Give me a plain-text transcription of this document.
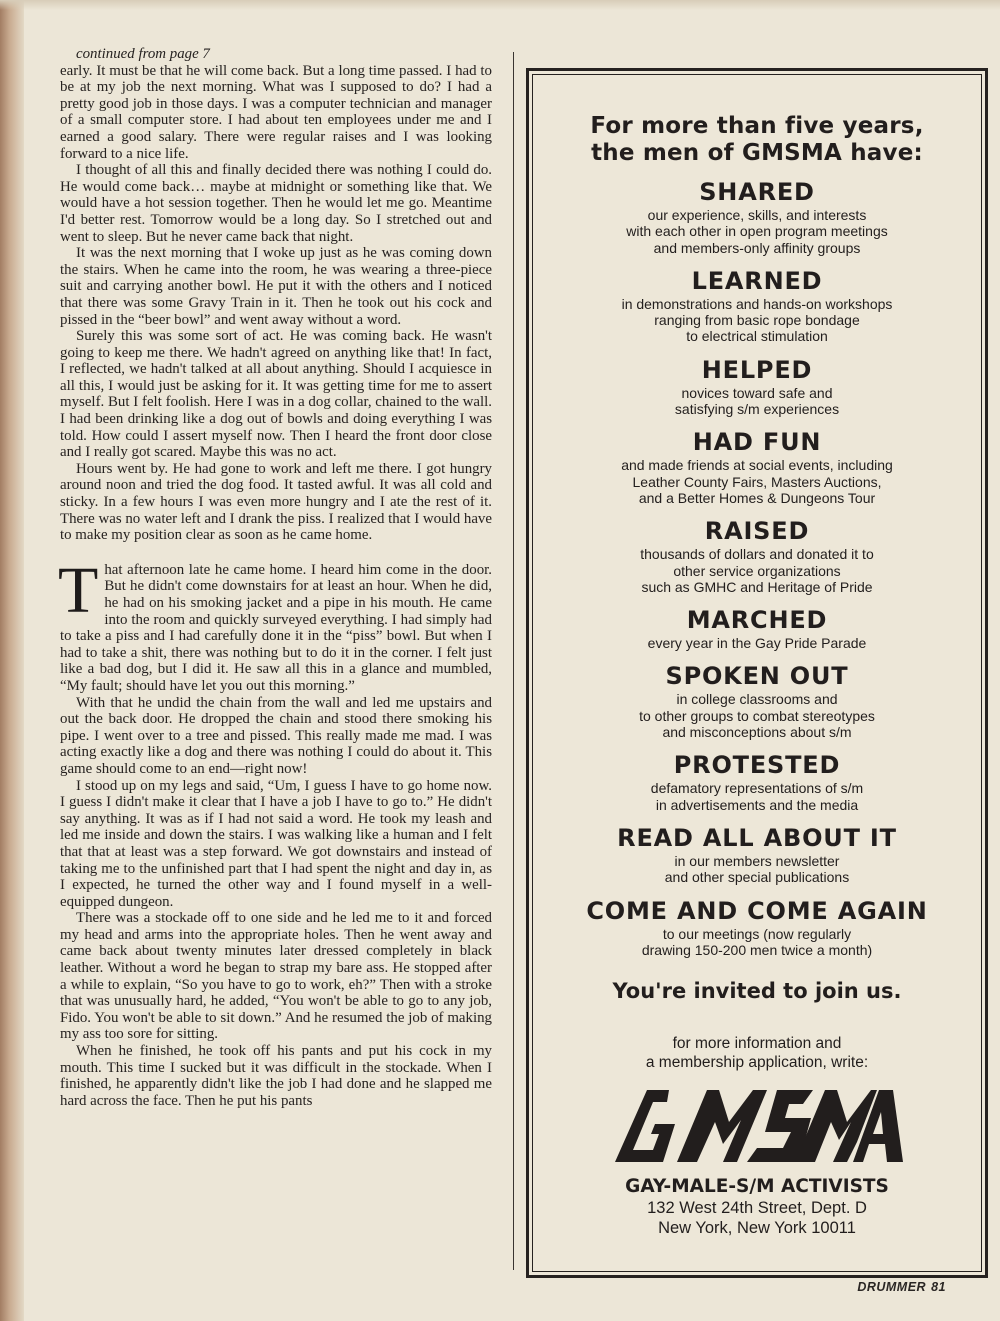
continued from page 7

early. It must be that he will come back. But a long time passed. I had to be at my job the next morning. What was I supposed to do? I had a pretty good job in those days. I was a computer technician and manager of a small computer store. I had about ten employees under me and I earned a good salary. There were regular raises and I was looking forward to a nice life.

I thought of all this and finally decided there was nothing I could do. He would come back… maybe at midnight or something like that. We would have a hot session together. Then he would let me go. Meantime I'd better rest. Tomorrow would be a long day. So I stretched out and went to sleep. But he never came back that night.

It was the next morning that I woke up just as he was coming down the stairs. When he came into the room, he was wearing a three-piece suit and carrying another bowl. He put it with the others and I noticed that there was some Gravy Train in it. Then he took out his cock and pissed in the “beer bowl” and went away without a word.

Surely this was some sort of act. He was coming back. He wasn't going to keep me there. We hadn't agreed on anything like that! In fact, I reflected, we hadn't talked at all about anything. Should I acquiesce in all this, I would just be asking for it. It was getting time for me to assert myself. But I felt foolish. Here I was in a dog collar, chained to the wall. I had been drinking like a dog out of bowls and doing everything I was told. How could I assert myself now. Then I heard the front door close and I really got scared. Maybe this was no act.

Hours went by. He had gone to work and left me there. I got hungry around noon and tried the dog food. It tasted awful. It was all cold and sticky. In a few hours I was even more hungry and I ate the rest of it. There was no water left and I drank the piss. I realized that I would have to make my position clear as soon as he came home.

That afternoon late he came home. I heard him come in the door. But he didn't come downstairs for at least an hour. When he did, he had on his smoking jacket and a pipe in his mouth. He came into the room and quickly surveyed everything. I had simply had to take a piss and I had carefully done it in the “piss” bowl. But when I had to take a shit, there was nothing but to do it in the corner. I felt just like a bad dog, but I did it. He saw all this in a glance and mumbled, “My fault; should have let you out this morning.”

With that he undid the chain from the wall and led me upstairs and out the back door. He dropped the chain and stood there smoking his pipe. I went over to a tree and pissed. This really made me mad. I was acting exactly like a dog and there was nothing I could do about it. This game should come to an end—right now!

I stood up on my legs and said, “Um, I guess I have to go home now. I guess I didn't make it clear that I have a job I have to go to.” He didn't say anything. It was as if I had not said a word. He took my leash and led me inside and down the stairs. I was walking like a human and I felt that that at least was a step forward. We got downstairs and instead of taking me to the unfinished part that I had spent the night and day in, as I expected, he turned the other way and I found myself in a well-equipped dungeon.

There was a stockade off to one side and he led me to it and forced my head and arms into the appropriate holes. Then he went away and came back about twenty minutes later dressed completely in black leather. Without a word he began to strap my bare ass. He stopped after a while to explain, “So you have to go to work, eh?” Then with a stroke that was unusually hard, he added, “You won't be able to go to any job, Fido. You won't be able to sit down.” And he resumed the job of making my ass too sore for sitting.

When he finished, he took off his pants and put his cock in my mouth. This time I sucked but it was difficult in the stockade. When I finished, he apparently didn't like the job I had done and he slapped me hard across the face. Then he put his pants

For more than five years,
the men of GMSMA have:
SHARED
our experience, skills, and interests
with each other in open program meetings
and members-only affinity groups
LEARNED
in demonstrations and hands-on workshops
ranging from basic rope bondage
to electrical stimulation
HELPED
novices toward safe and
satisfying s/m experiences
HAD FUN
and made friends at social events, including
Leather County Fairs, Masters Auctions,
and a Better Homes & Dungeons Tour
RAISED
thousands of dollars and donated it to
other service organizations
such as GMHC and Heritage of Pride
MARCHED
every year in the Gay Pride Parade
SPOKEN OUT
in college classrooms and
to other groups to combat stereotypes
and misconceptions about s/m
PROTESTED
defamatory representations of s/m
in advertisements and the media
READ ALL ABOUT IT
in our members newsletter
and other special publications
COME AND COME AGAIN
to our meetings (now regularly
drawing 150-200 men twice a month)
You're invited to join us.
for more information and
a membership application, write:
GAY-MALE-S/M ACTIVISTS
132 West 24th Street, Dept. D
New York, New York 10011
DRUMMER 81
